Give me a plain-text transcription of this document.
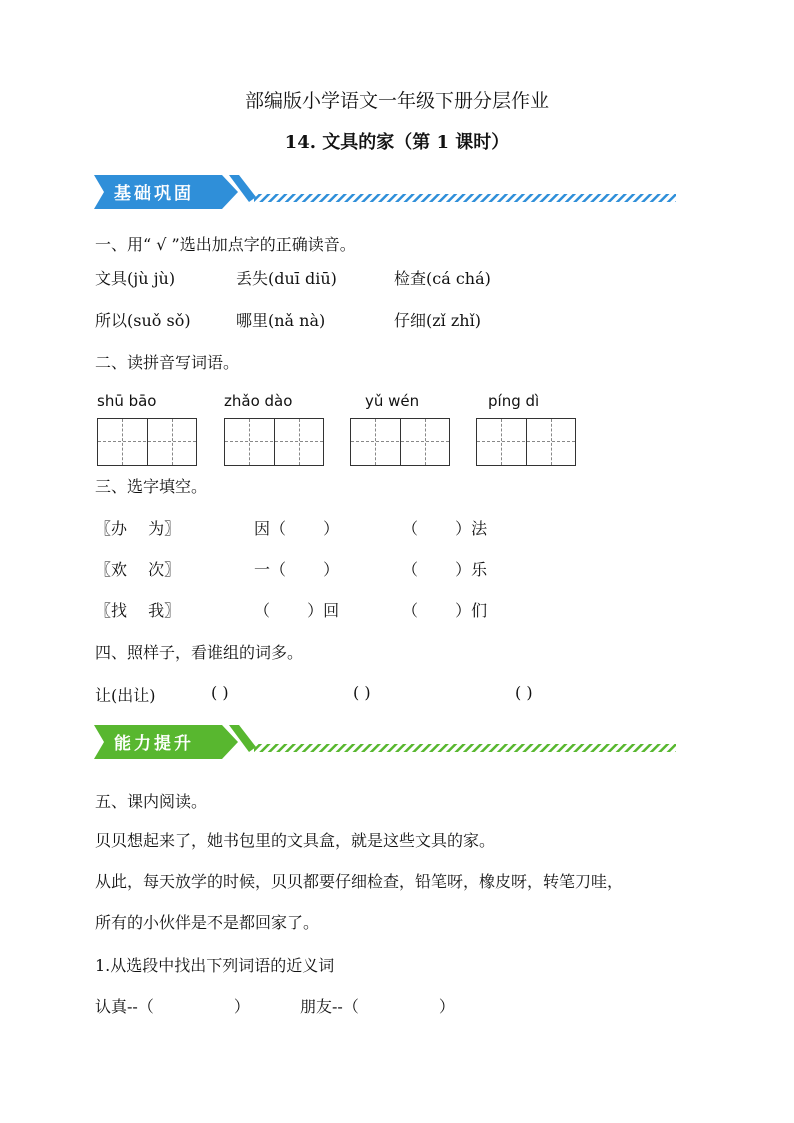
部编版小学语文一年级下册分层作业
14. 文具的家（第 1 课时）
基础巩固
一、用“ √ ”选出加点字的正确读音。
文具(jù jù)	丢失(duī diū)	检查(cá chá)
所以(suǒ sǒ)	哪里(nǎ nà)	仔细(zǐ zhǐ)
二、读拼音写词语。
shū bāo	zhǎo dào	yǔ wén	píng dì
三、选字填空。
〖办　 为〗	因（　　 ）	（　　 ）法
〖欢　 次〗	一（　　 ）	（　　 ）乐
〖找　 我〗	（　　 ）回	（　　 ）们
四、照样子，看谁组的词多。
让(出让)	( )	( )	( )
能力提升
五、课内阅读。
贝贝想起来了，她书包里的文具盒，就是这些文具的家。
从此，每天放学的时候，贝贝都要仔细检查，铅笔呀，橡皮呀，转笔刀哇，
所有的小伙伴是不是都回家了。
1.从选段中找出下列词语的近义词
认真--（　　　　　）	朋友--（　　　　　）
